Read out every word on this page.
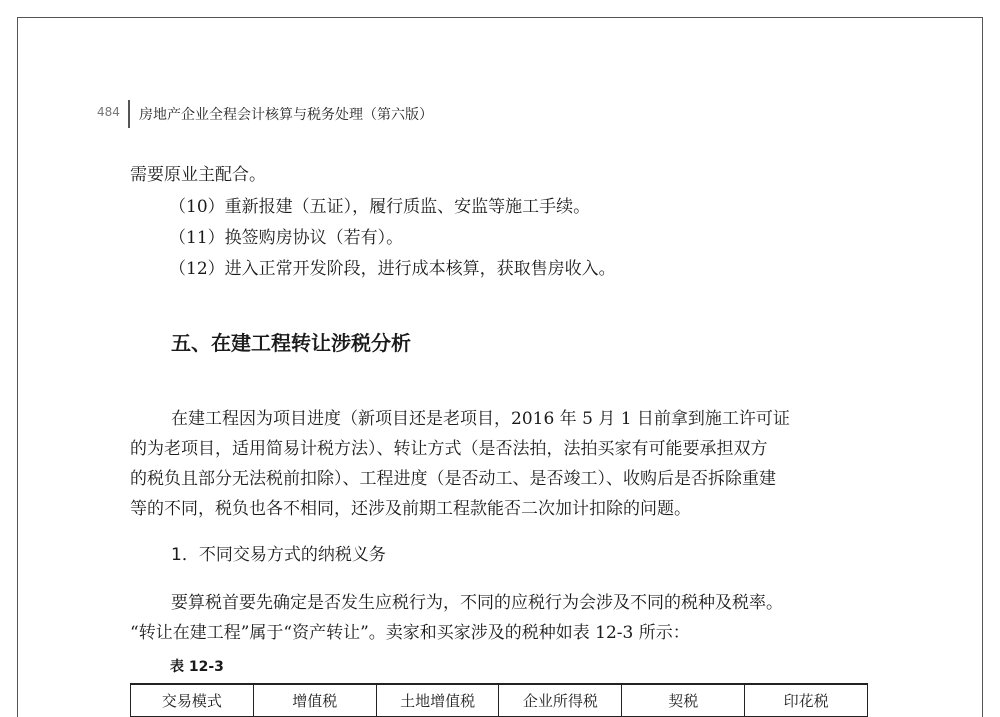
484 房地产企业全程会计核算与税务处理（第六版）
需要原业主配合。
（10）重新报建（五证），履行质监、安监等施工手续。
（11）换签购房协议（若有）。
（12）进入正常开发阶段，进行成本核算，获取售房收入。
五、在建工程转让涉税分析
在建工程因为项目进度（新项目还是老项目，2016 年 5 月 1 日前拿到施工许可证
的为老项目，适用简易计税方法）、转让方式（是否法拍，法拍买家有可能要承担双方
的税负且部分无法税前扣除）、工程进度（是否动工、是否竣工）、收购后是否拆除重建
等的不同，税负也各不相同，还涉及前期工程款能否二次加计扣除的问题。
1．不同交易方式的纳税义务
要算税首要先确定是否发生应税行为，不同的应税行为会涉及不同的税种及税率。
“转让在建工程”属于“资产转让”。卖家和买家涉及的税种如表 12-3 所示：
表 12-3
交易模式	增值税	土地增值税	企业所得税	契税	印花税
